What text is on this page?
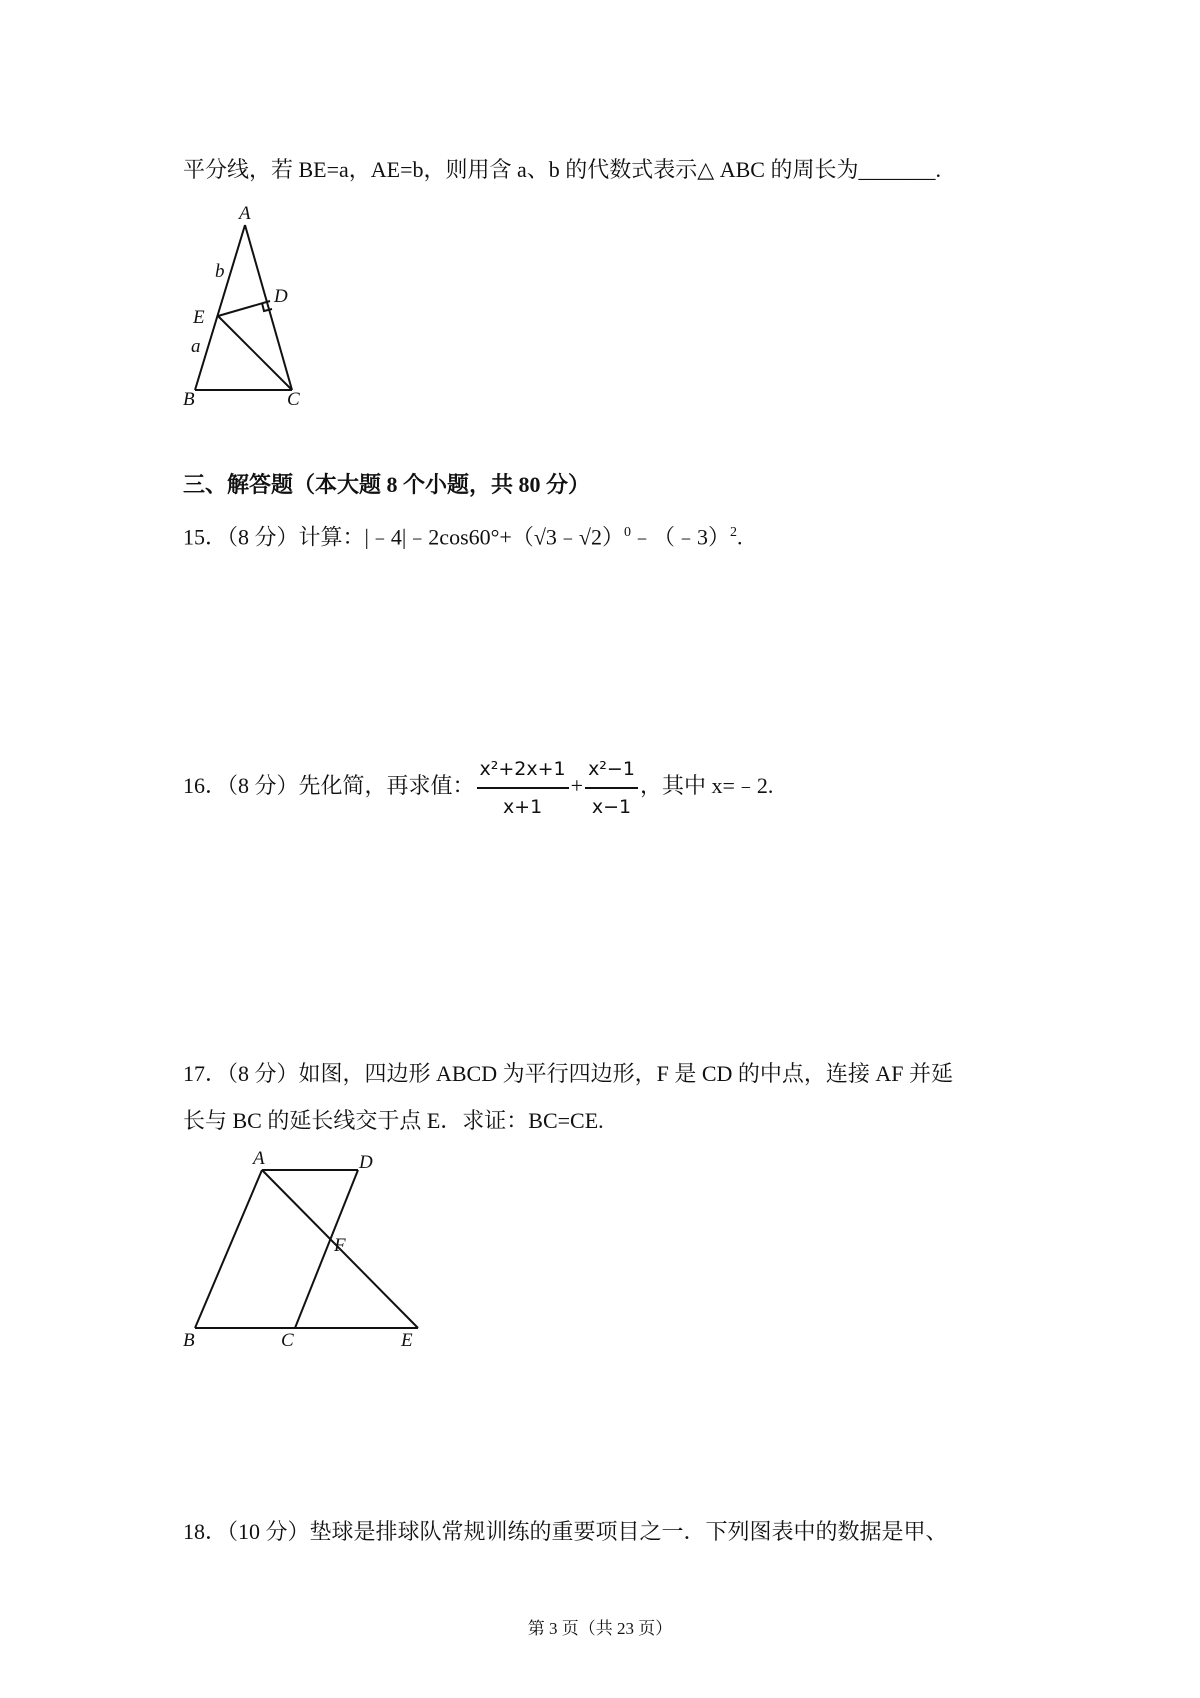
平分线，若 BE=a，AE=b，则用含 a、b 的代数式表示△ ABC 的周长为_______.
A
b
D
E
a
B	C
三、解答题（本大题 8 个小题，共 80 分）
15．（8 分）计算：|﹣4|﹣2cos60°+（√3﹣√2）$^0$﹣（﹣3）$^2$.
16．（8 分）先化简，再求值： $\frac{\text{x²+2x+1}}{x+1} + \frac{\text{x²−1}}{x-1}$ ，其中 x=﹣2.
17．（8 分）如图，四边形 ABCD 为平行四边形，F 是 CD 的中点，连接 AF 并延
长与 BC 的延长线交于点 E．求证：BC=CE.
A	D
F
B	C	E
18．（10 分）垫球是排球队常规训练的重要项目之一．下列图表中的数据是甲、
第 3 页（共 23 页）
